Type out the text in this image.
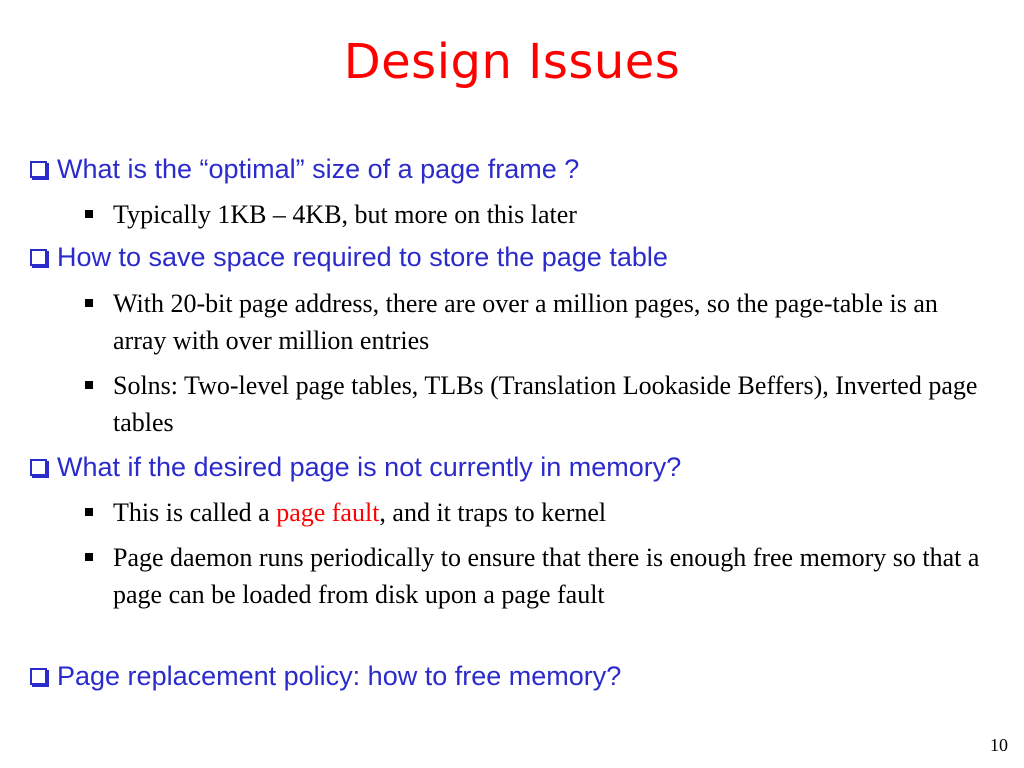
Design Issues
What is the “optimal” size of a page frame ?
Typically 1KB – 4KB, but more on this later
How to save space required to store the page table
With 20-bit page address, there are over a million pages, so the page-table is an array with over million entries
Solns: Two-level page tables, TLBs (Translation Lookaside Beffers), Inverted page tables
What if the desired page is not currently in memory?
This is called a page fault, and it traps to kernel
Page daemon runs periodically to ensure that there is enough free memory so that a page can be loaded from disk upon a page fault
Page replacement policy: how to free memory?
10
